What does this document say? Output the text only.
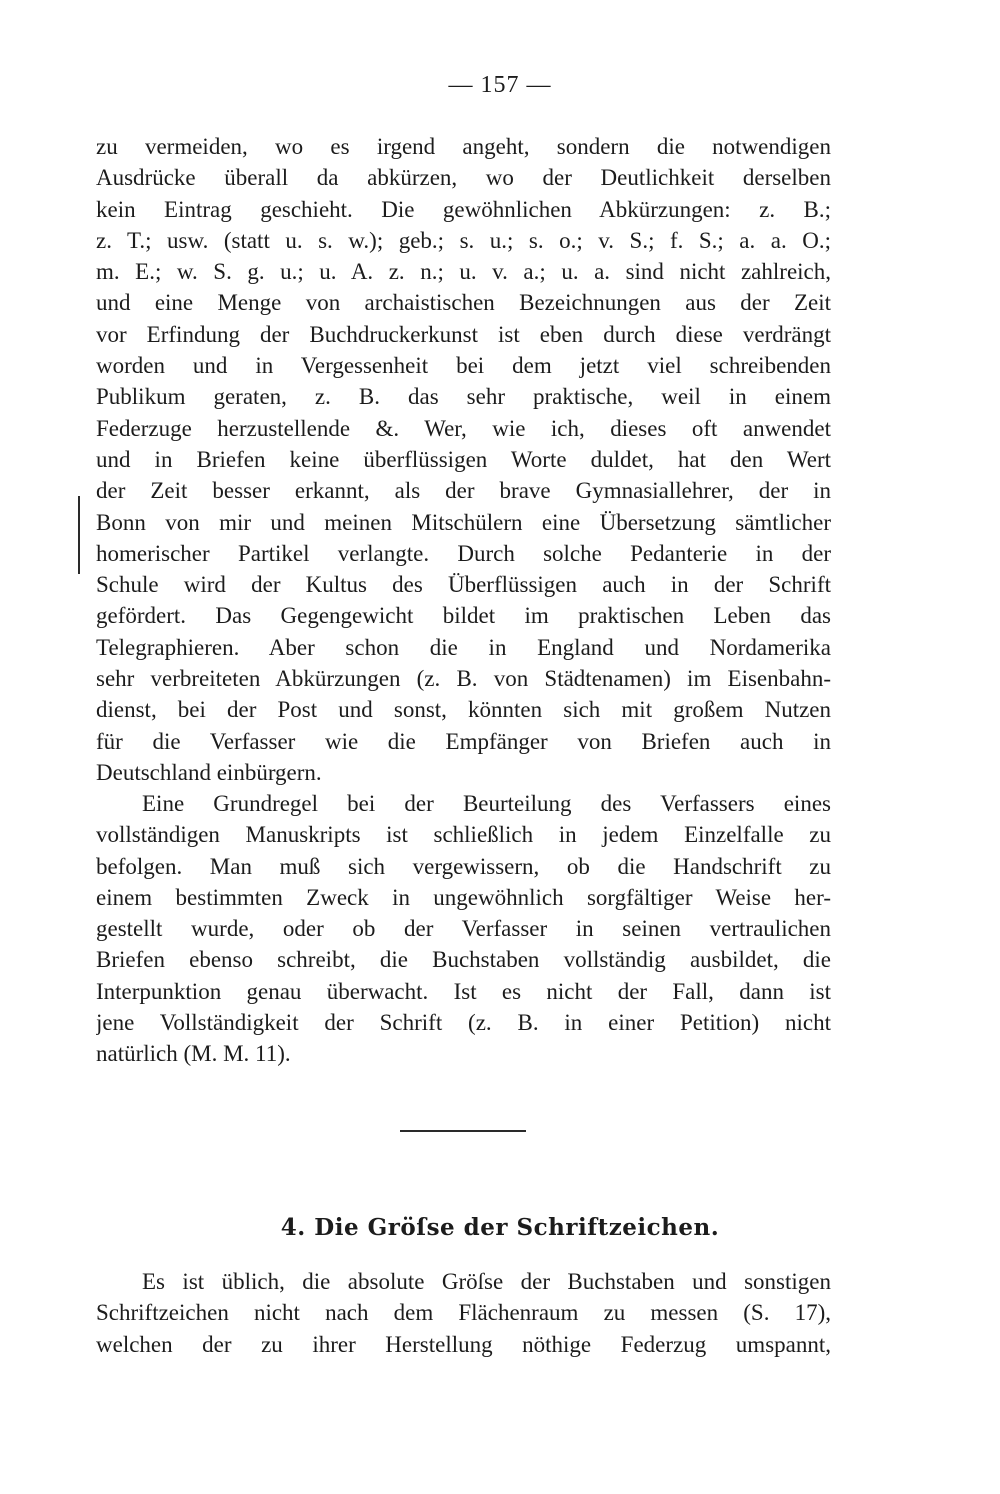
— 157 —
zu vermeiden, wo es irgend angeht, sondern die notwendigen
Ausdrücke überall da abkürzen, wo der Deutlichkeit derselben
kein Eintrag geschieht. Die gewöhnlichen Abkürzungen: z. B.;
z. T.; usw. (statt u. s. w.); geb.; s. u.; s. o.; v. S.; f. S.; a. a. O.;
m. E.; w. S. g. u.; u. A. z. n.; u. v. a.; u. a. sind nicht zahlreich,
und eine Menge von archaistischen Bezeichnungen aus der Zeit
vor Erfindung der Buchdruckerkunst ist eben durch diese verdrängt
worden und in Vergessenheit bei dem jetzt viel schreibenden
Publikum geraten, z. B. das sehr praktische, weil in einem
Federzuge herzustellende &. Wer, wie ich, dieses oft anwendet
und in Briefen keine überflüssigen Worte duldet, hat den Wert
der Zeit besser erkannt, als der brave Gymnasiallehrer, der in
Bonn von mir und meinen Mitschülern eine Übersetzung sämtlicher
homerischer Partikel verlangte. Durch solche Pedanterie in der
Schule wird der Kultus des Überflüssigen auch in der Schrift
gefördert. Das Gegengewicht bildet im praktischen Leben das
Telegraphieren. Aber schon die in England und Nordamerika
sehr verbreiteten Abkürzungen (z. B. von Städtenamen) im Eisenbahn-
dienst, bei der Post und sonst, könnten sich mit großem Nutzen
für die Verfasser wie die Empfänger von Briefen auch in
Deutschland einbürgern.
Eine Grundregel bei der Beurteilung des Verfassers eines
vollständigen Manuskripts ist schließlich in jedem Einzelfalle zu
befolgen. Man muß sich vergewissern, ob die Handschrift zu
einem bestimmten Zweck in ungewöhnlich sorgfältiger Weise her-
gestellt wurde, oder ob der Verfasser in seinen vertraulichen
Briefen ebenso schreibt, die Buchstaben vollständig ausbildet, die
Interpunktion genau überwacht. Ist es nicht der Fall, dann ist
jene Vollständigkeit der Schrift (z. B. in einer Petition) nicht
natürlich (M. M. 11).
4. Die Gröſse der Schriftzeichen.
Es ist üblich, die absolute Gröſse der Buchstaben und sonstigen
Schriftzeichen nicht nach dem Flächenraum zu messen (S. 17),
welchen der zu ihrer Herstellung nöthige Federzug umspannt,
